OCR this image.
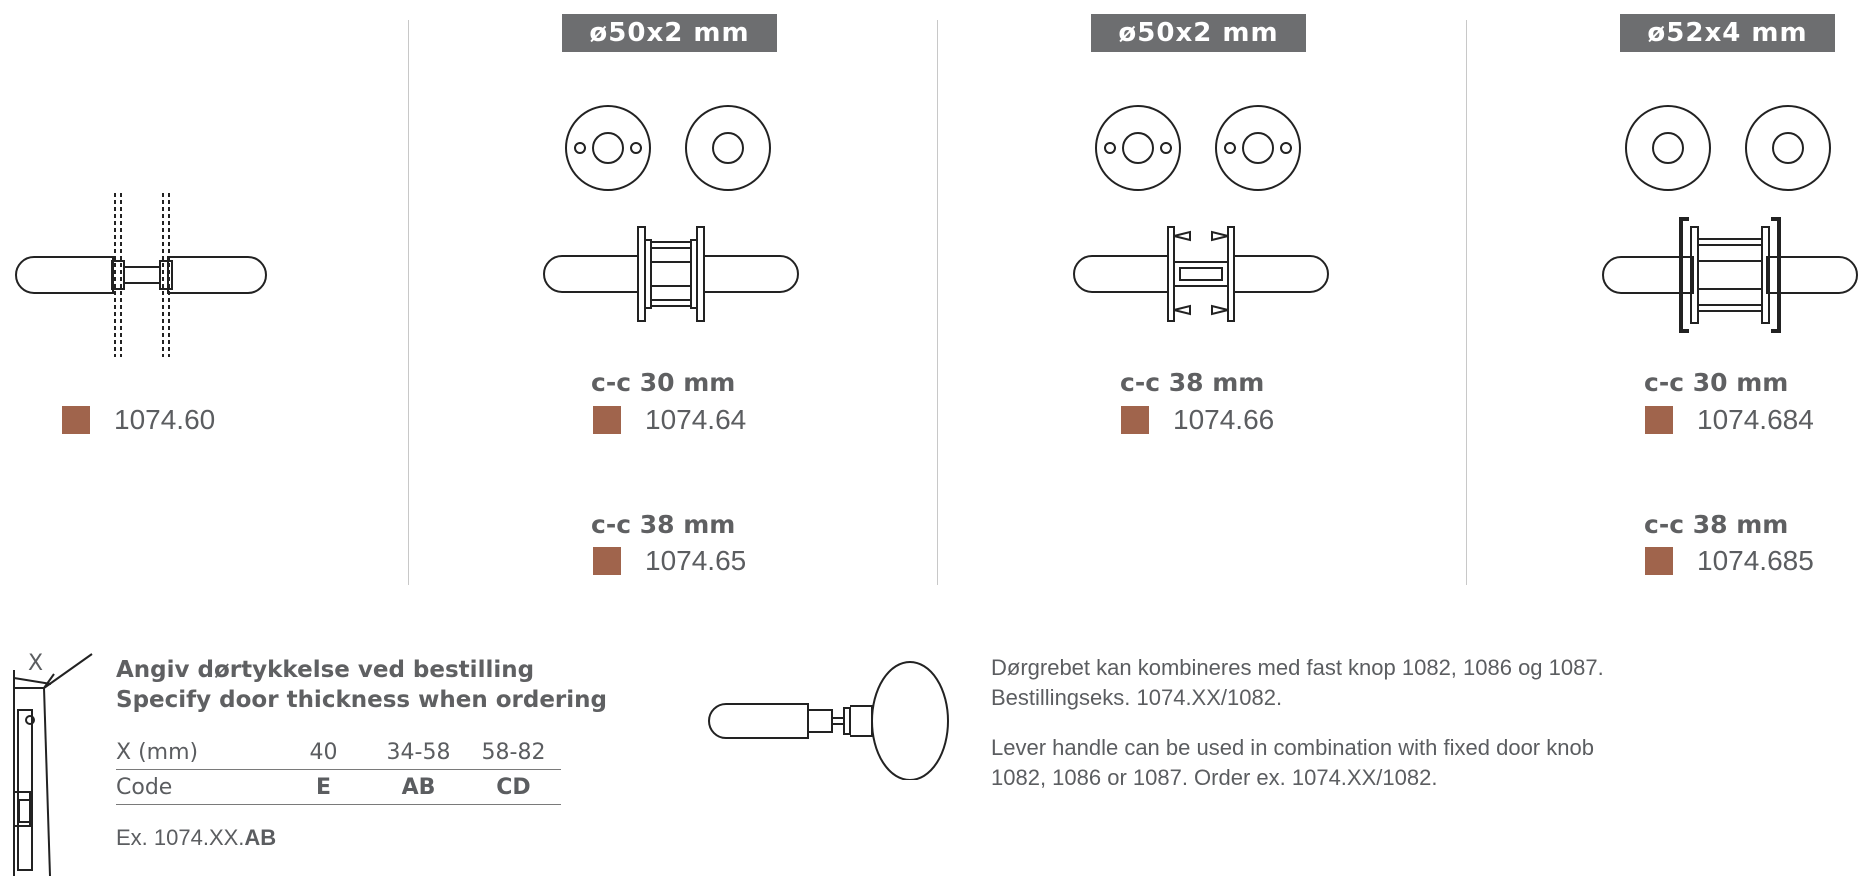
1074.60
ø50x2 mm
c-c 30 mm
1074.64
c-c 38 mm
1074.65
ø50x2 mm
c-c 38 mm
1074.66
ø52x4 mm
c-c 30 mm
1074.684
c-c 38 mm
1074.685
X	Angiv dørtykkelse ved bestilling
Specify door thickness when ordering
X (mm)	40	34-58	58-82
Code	E	AB	CD
Ex. 1074.XX.AB
Dørgrebet kan kombineres med fast knop 1082, 1086 og 1087. Bestillingseks. 1074.XX/1082.
Lever handle can be used in combination with fixed door knob 1082, 1086 or 1087. Order ex. 1074.XX/1082.
